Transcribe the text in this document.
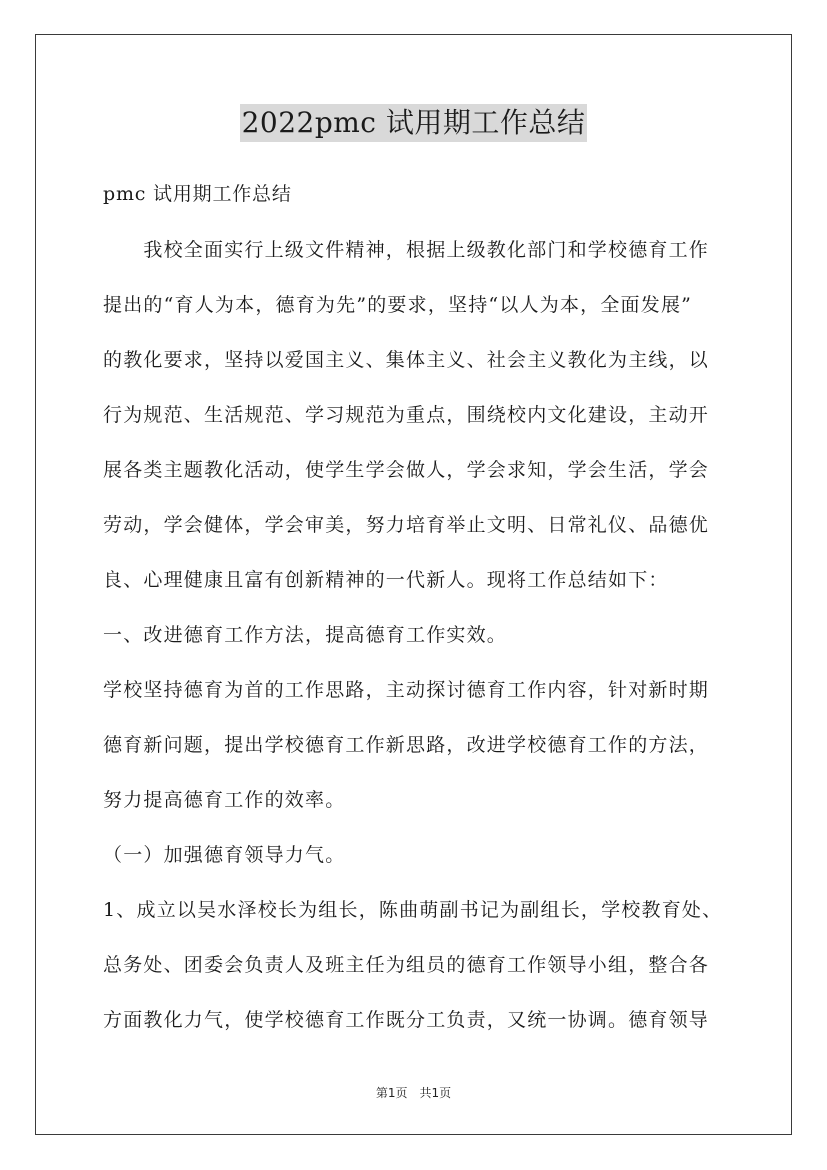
2022pmc 试用期工作总结
pmc 试用期工作总结
　　我校全面实行上级文件精神，根据上级教化部门和学校德育工作
提出的“育人为本，德育为先”的要求，坚持“以人为本，全面发展”
的教化要求，坚持以爱国主义、集体主义、社会主义教化为主线，以
行为规范、生活规范、学习规范为重点，围绕校内文化建设，主动开
展各类主题教化活动，使学生学会做人，学会求知，学会生活，学会
劳动，学会健体，学会审美，努力培育举止文明、日常礼仪、品德优
良、心理健康且富有创新精神的一代新人。现将工作总结如下：
一、改进德育工作方法，提高德育工作实效。
学校坚持德育为首的工作思路，主动探讨德育工作内容，针对新时期
德育新问题，提出学校德育工作新思路，改进学校德育工作的方法，
努力提高德育工作的效率。
（一）加强德育领导力气。
1、成立以吴水泽校长为组长，陈曲萌副书记为副组长，学校教育处、
总务处、团委会负责人及班主任为组员的德育工作领导小组，整合各
方面教化力气，使学校德育工作既分工负责，又统一协调。德育领导
第1页　共1页
